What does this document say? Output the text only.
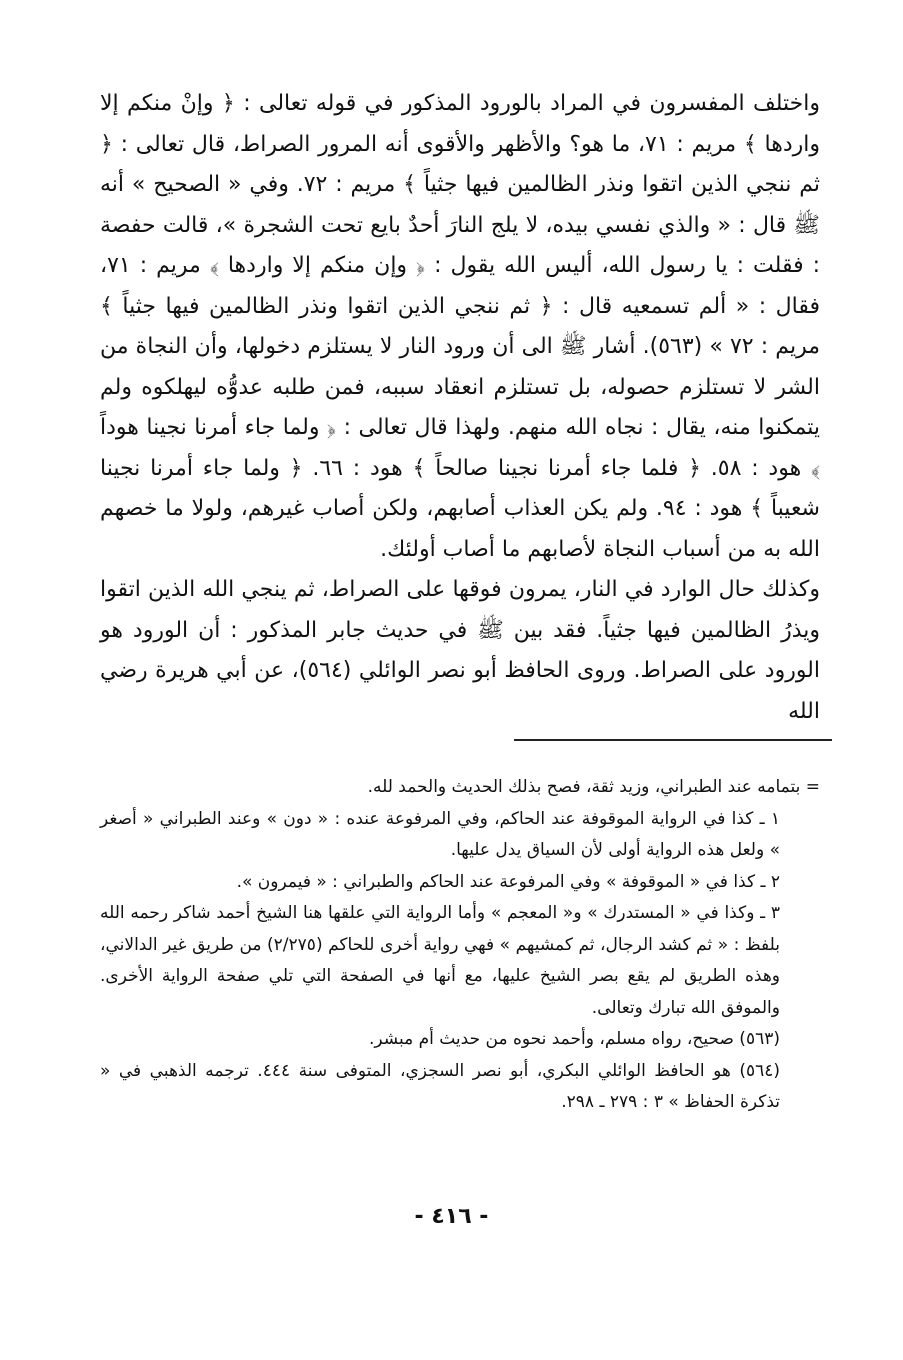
واختلف المفسرون في المراد بالورود المذكور في قوله تعالى : ﴿ وإنْ منكم إلا واردها ﴾ مريم : ٧١، ما هو؟ والأظهر والأقوى أنه المرور الصراط، قال تعالى : ﴿ ثم ننجي الذين اتقوا ونذر الظالمين فيها جثياً ﴾ مريم : ٧٢. وفي « الصحيح » أنه ﷺ قال : « والذي نفسي بيده، لا يلج النارَ أحدٌ بايع تحت الشجرة »، قالت حفصة : فقلت : يا رسول الله، أليس الله يقول : ﴿ وإن منكم إلا واردها ﴾ مريم : ٧١، فقال : « ألم تسمعيه قال : ﴿ ثم ننجي الذين اتقوا ونذر الظالمين فيها جثياً ﴾ مريم : ٧٢ » (٥٦٣). أشار ﷺ الى أن ورود النار لا يستلزم دخولها، وأن النجاة من الشر لا تستلزم حصوله، بل تستلزم انعقاد سببه، فمن طلبه عدوُّه ليهلكوه ولم يتمكنوا منه، يقال : نجاه الله منهم. ولهذا قال تعالى : ﴿ ولما جاء أمرنا نجينا هوداً ﴾ هود : ٥٨. ﴿ فلما جاء أمرنا نجينا صالحاً ﴾ هود : ٦٦. ﴿ ولما جاء أمرنا نجينا شعيباً ﴾ هود : ٩٤. ولم يكن العذاب أصابهم، ولكن أصاب غيرهم، ولولا ما خصهم الله به من أسباب النجاة لأصابهم ما أصاب أولئك.

وكذلك حال الوارد في النار، يمرون فوقها على الصراط، ثم ينجي الله الذين اتقوا ويذرُ الظالمين فيها جثياً. فقد بين ﷺ في حديث جابر المذكور : أن الورود هو الورود على الصراط. وروى الحافظ أبو نصر الوائلي (٥٦٤)، عن أبي هريرة رضي الله

= بتمامه عند الطبراني، وزيد ثقة، فصح بذلك الحديث والحمد لله.

١ ـ كذا في الرواية الموقوفة عند الحاكم، وفي المرفوعة عنده : « دون » وعند الطبراني « أصغر » ولعل هذه الرواية أولى لأن السياق يدل عليها.

٢ ـ كذا في « الموقوفة » وفي المرفوعة عند الحاكم والطبراني : « فيمرون ».

٣ ـ وكذا في « المستدرك » و« المعجم » وأما الرواية التي علقها هنا الشيخ أحمد شاكر رحمه الله بلفظ : « ثم كشد الرجال، ثم كمشيهم » فهي رواية أخرى للحاكم (٢/٢٧٥) من طريق غير الدالاني، وهذه الطريق لم يقع بصر الشيخ عليها، مع أنها في الصفحة التي تلي صفحة الرواية الأخرى. والموفق الله تبارك وتعالى.

(٥٦٣) صحيح، رواه مسلم، وأحمد نحوه من حديث أم مبشر.

(٥٦٤) هو الحافظ الوائلي البكري، أبو نصر السجزي، المتوفى سنة ٤٤٤. ترجمه الذهبي في « تذكرة الحفاظ » ٣ : ٢٧٩ ـ ٢٩٨.

- ٤١٦ -
